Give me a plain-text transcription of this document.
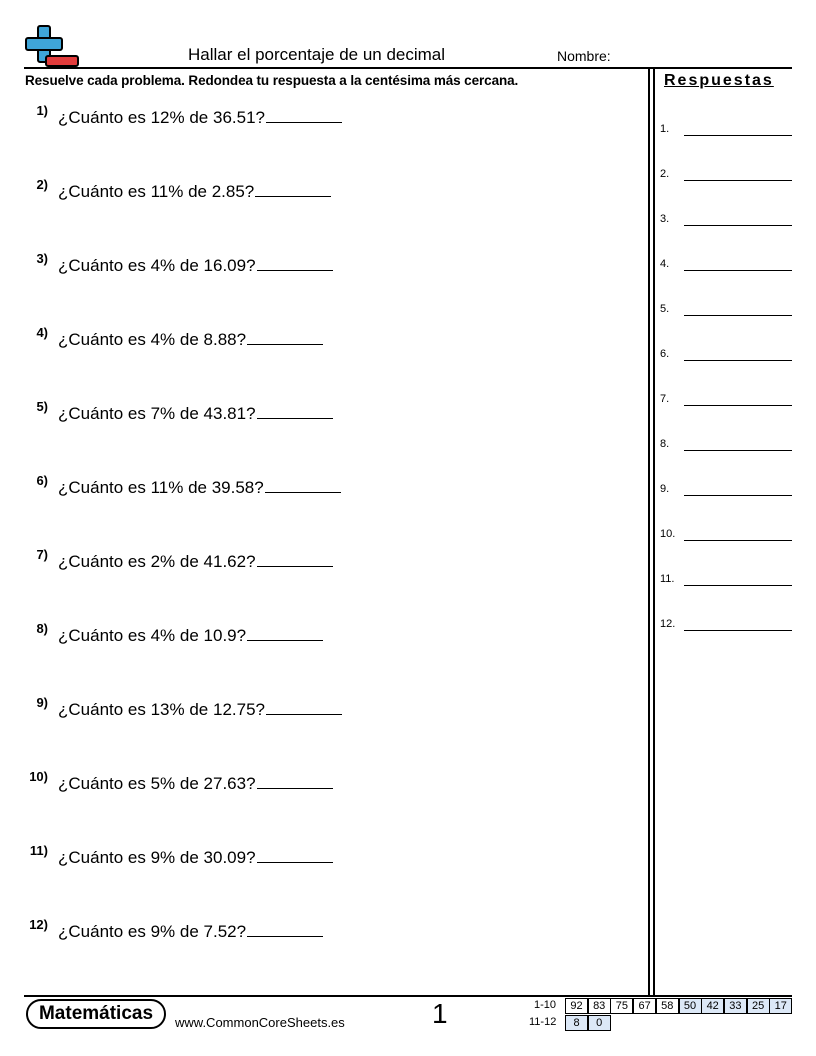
Hallar el porcentaje de un decimal	Nombre:
Resuelve cada problema. Redondea tu respuesta a la centésima más cercana.	Respuestas
1) ¿Cuánto es 12% de 36.51?
2) ¿Cuánto es 11% de 2.85?
3) ¿Cuánto es 4% de 16.09?
4) ¿Cuánto es 4% de 8.88?
5) ¿Cuánto es 7% de 43.81?
6) ¿Cuánto es 11% de 39.58?
7) ¿Cuánto es 2% de 41.62?
8) ¿Cuánto es 4% de 10.9?
9) ¿Cuánto es 13% de 12.75?
10) ¿Cuánto es 5% de 27.63?
11) ¿Cuánto es 9% de 30.09?
12) ¿Cuánto es 9% de 7.52?
1.
2.
3.
4.
5.
6.
7.
8.
9.
10.
11.
12.
Matemáticas	www.CommonCoreSheets.es	1	1-10	92 83 75 67 58 50 42 33 25 17
11-12	8	0
